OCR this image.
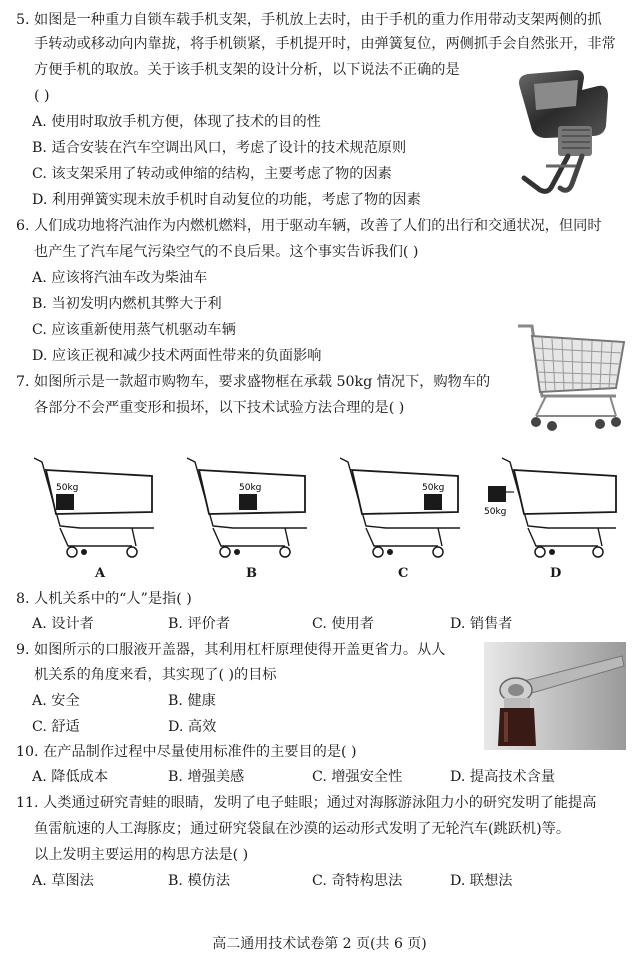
5. 如图是一种重力自锁车载手机支架，手机放上去时，由于手机的重力作用带动支架两侧的抓
手转动或移动向内靠拢，将手机锁紧，手机提开时，由弹簧复位，两侧抓手会自然张开，非常
方便手机的取放。关于该手机支架的设计分析，以下说法不正确的是
( )
A. 使用时取放手机方便，体现了技术的目的性
B. 适合安装在汽车空调出风口，考虑了设计的技术规范原则
C. 该支架采用了转动或伸缩的结构，主要考虑了物的因素
D. 利用弹簧实现未放手机时自动复位的功能，考虑了物的因素
6. 人们成功地将汽油作为内燃机燃料，用于驱动车辆，改善了人们的出行和交通状况，但同时
也产生了汽车尾气污染空气的不良后果。这个事实告诉我们( )
A. 应该将汽油车改为柴油车
B. 当初发明内燃机其弊大于利
C. 应该重新使用蒸气机驱动车辆
D. 应该正视和减少技术两面性带来的负面影响
7. 如图所示是一款超市购物车，要求盛物框在承载 50kg 情况下，购物车的
各部分不会严重变形和损坏，以下技术试验方法合理的是( )
50kg
A
50kg
B
50kg
C
50kg
D
8. 人机关系中的“人”是指( )
A. 设计者	B. 评价者	C. 使用者	D. 销售者
9. 如图所示的口服液开盖器，其利用杠杆原理使得开盖更省力。从人
机关系的角度来看，其实现了( )的目标
A. 安全	B. 健康
C. 舒适	D. 高效
10. 在产品制作过程中尽量使用标准件的主要目的是( )
A. 降低成本	B. 增强美感	C. 增强安全性	D. 提高技术含量
11. 人类通过研究青蛙的眼睛，发明了电子蛙眼；通过对海豚游泳阻力小的研究发明了能提高
鱼雷航速的人工海豚皮；通过研究袋鼠在沙漠的运动形式发明了无轮汽车(跳跃机)等。
以上发明主要运用的构思方法是( )
A. 草图法	B. 模仿法	C. 奇特构思法	D. 联想法
高二通用技术试卷第 2 页(共 6 页)
